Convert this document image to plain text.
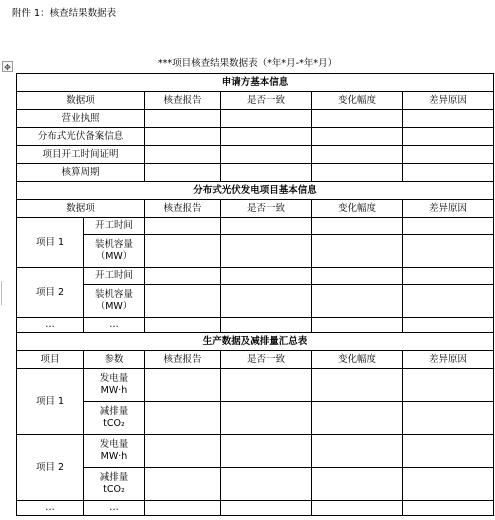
附件 1：核查结果数据表
***项目核查结果数据表（*年*月-*年*月）
✥
申请方基本信息					
数据项		核查报告	是否一致	变化幅度	差异原因
营业执照					
分布式光伏备案信息					
项目开工时间证明					
核算周期					
分布式光伏发电项目基本信息					
数据项		核查报告	是否一致	变化幅度	差异原因
项目 1	开工时间				

	装机容量
（MW）				

项目 2	开工时间				

	装机容量
（MW）				

…	…				
生产数据及减排量汇总表					
项目	参数	核查报告	是否一致	变化幅度	差异原因
项目 1	发电量
MW·h				

	减排量
tCO₂				

项目 2	发电量
MW·h				

	减排量
tCO₂				

…	…				
